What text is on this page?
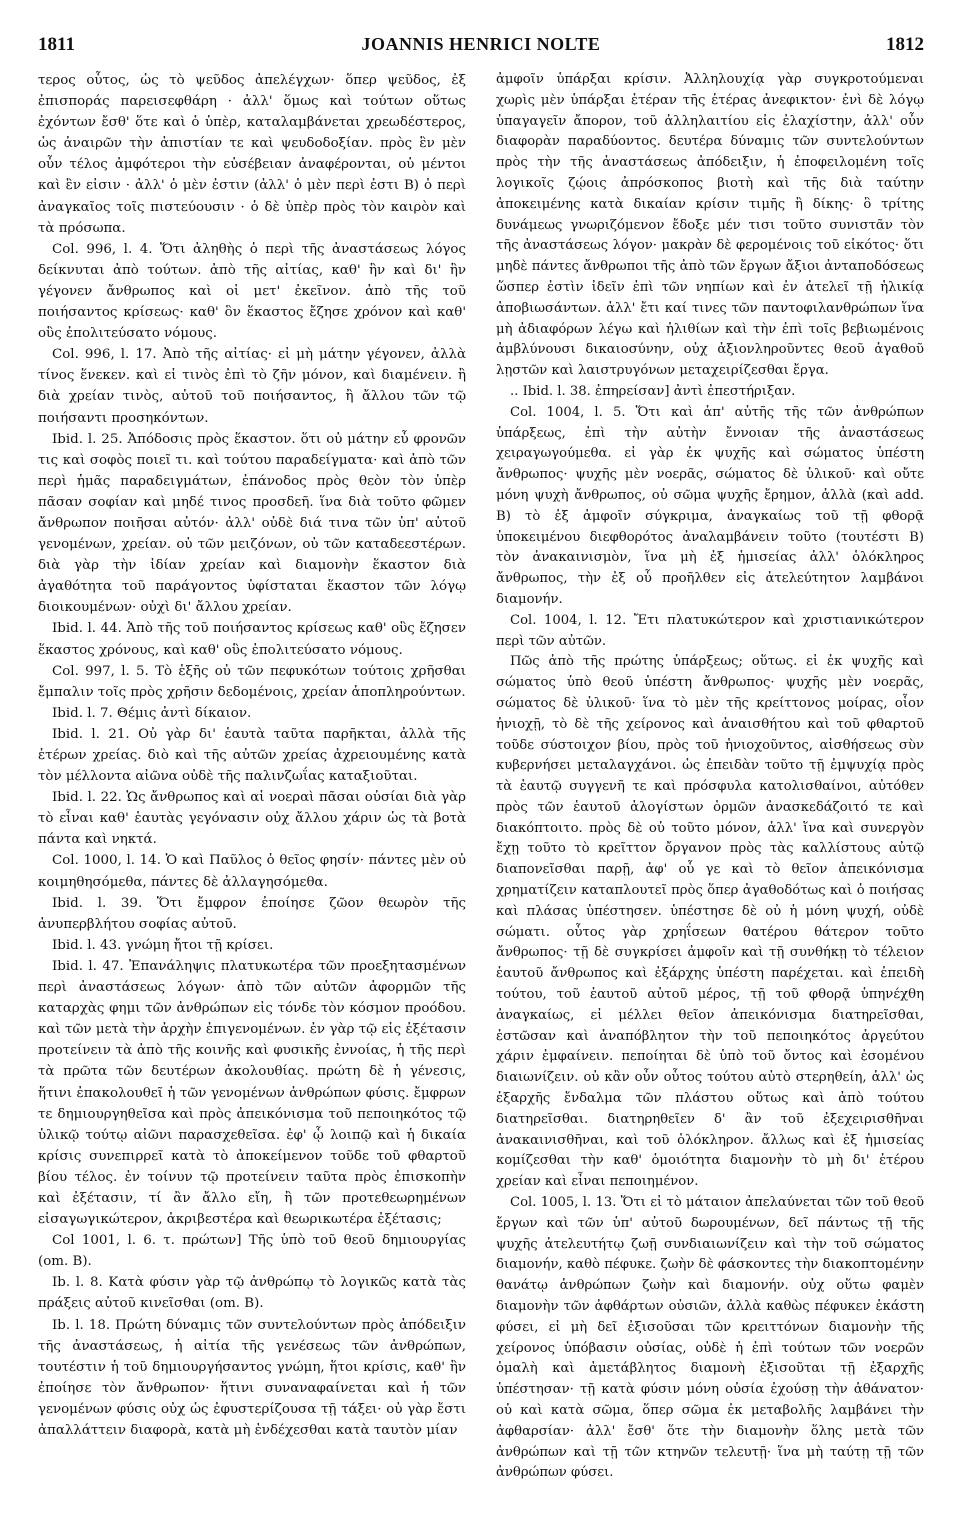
1811	JOANNIS HENRICI NOLTE	1812

τερος οὗτος, ὡς τὸ ψεῦδος ἀπελέγχων· ὅπερ ψεῦδος, ἐξ ἐπισποράς παρεισεφθάρη · ἀλλ' ὅμως καὶ τούτων οὕτως ἐχόντων ἔσθ' ὅτε καὶ ὁ ὑπὲρ, καταλαμβάνεται χρεωδέστερος, ὡς ἀναιρῶν τὴν ἀπιστίαν τε καὶ ψευδοδοξίαν. πρὸς ἓν μὲν οὖν τέλος ἀμφότεροι τὴν εὐσέβειαν ἀναφέρονται, οὐ μέντοι καὶ ἓν εἰσιν · ἀλλ' ὁ μὲν ἐστιν (ἀλλ' ὁ μὲν περὶ ἐστι B) ὁ περὶ ἀναγκαῖος τοῖς πιστεύουσιν · ὁ δὲ ὑπὲρ πρὸς τὸν καιρὸν καὶ τὰ πρόσωπα.

Col. 996, l. 4. Ὅτι ἀληθὴς ὁ περὶ τῆς ἀναστάσεως λόγος δείκνυται ἀπὸ τούτων. ἀπὸ τῆς αἰτίας, καθ' ἣν καὶ δι' ἣν γέγονεν ἄνθρωπος καὶ οἱ μετ' ἐκεῖνον. ἀπὸ τῆς τοῦ ποιήσαντος κρίσεως· καθ' ὃν ἕκαστος ἔζησε χρόνον καὶ καθ' οὓς ἐπολιτεύσατο νόμους.

Col. 996, l. 17. Ἀπὸ τῆς αἰτίας· εἰ μὴ μάτην γέγονεν, ἀλλὰ τίνος ἕνεκεν. καὶ εἰ τινὸς ἐπὶ τὸ ζῆν μόνον, καὶ διαμένειν. ἢ διὰ χρείαν τινὸς, αὐτοῦ τοῦ ποιήσαντος, ἢ ἄλλου τῶν τῷ ποιήσαντι προσηκόντων.

Ibid. l. 25. Ἀπόδοσις πρὸς ἕκαστον. ὅτι οὐ μάτην εὖ φρονῶν τις καὶ σοφὸς ποιεῖ τι. καὶ τούτου παραδείγματα· καὶ ἀπὸ τῶν περὶ ἡμᾶς παραδειγμάτων, ἐπάνοδος πρὸς θεὸν τὸν ὑπὲρ πᾶσαν σοφίαν καὶ μηδέ τινος προσδεῆ. ἵνα διὰ τοῦτο φῶμεν ἄνθρωπον ποιῆσαι αὐτόν· ἀλλ' οὐδὲ διά τινα τῶν ὑπ' αὐτοῦ γενομένων, χρείαν. οὐ τῶν μειζόνων, οὐ τῶν καταδεεστέρων. διὰ γὰρ τὴν ἰδίαν χρείαν καὶ διαμονὴν ἕκαστον διὰ ἀγαθότητα τοῦ παράγοντος ὑφίσταται ἕκαστον τῶν λόγῳ διοικουμένων· οὐχὶ δι' ἄλλου χρείαν.

Ibid. l. 44. Ἀπὸ τῆς τοῦ ποιήσαντος κρίσεως καθ' οὓς ἔζησεν ἕκαστος χρόνους, καὶ καθ' οὓς ἐπολιτεύσατο νόμους.

Col. 997, l. 5. Τὸ ἑξῆς οὐ τῶν πεφυκότων τούτοις χρῆσθαι ἔμπαλιν τοῖς πρὸς χρῆσιν δεδομένοις, χρείαν ἀποπληρούντων.

Ibid. l. 7. Θέμις ἀντὶ δίκαιον.

Ibid. l. 21. Οὐ γὰρ δι' ἑαυτὰ ταῦτα παρῆκται, ἀλλὰ τῆς ἑτέρων χρείας. διὸ καὶ τῆς αὐτῶν χρείας ἀχρειουμένης κατὰ τὸν μέλλοντα αἰῶνα οὐδὲ τῆς παλινζωΐας καταξιοῦται.

Ibid. l. 22. Ὡς ἄνθρωπος καὶ αἱ νοεραὶ πᾶσαι οὐσίαι διὰ γὰρ τὸ εἶναι καθ' ἑαυτὰς γεγόνασιν οὐχ ἄλλου χάριν ὡς τὰ βοτὰ πάντα καὶ νηκτά.

Col. 1000, l. 14. Ὁ καὶ Παῦλος ὁ θεῖος φησίν· πάντες μὲν οὐ κοιμηθησόμεθα, πάντες δὲ ἀλλαγησόμεθα.

Ibid. l. 39. Ὅτι ἔμφρον ἐποίησε ζῶον θεωρὸν τῆς ἀνυπερβλήτου σοφίας αὐτοῦ.

Ibid. l. 43. γνώμη ἤτοι τῇ κρίσει.

Ibid. l. 47. Ἐπανάληψις πλατυκωτέρα τῶν προεξητασμένων περὶ ἀναστάσεως λόγων· ἀπὸ τῶν αὐτῶν ἀφορμῶν τῆς καταρχὰς φημι τῶν ἀνθρώπων εἰς τόνδε τὸν κόσμον προόδου. καὶ τῶν μετὰ τὴν ἀρχὴν ἐπιγενομένων. ἐν γὰρ τῷ εἰς ἐξέτασιν προτείνειν τὰ ἀπὸ τῆς κοινῆς καὶ φυσικῆς ἐννοίας, ἡ τῆς περὶ τὰ πρῶτα τῶν δευτέρων ἀκολουθίας. πρώτη δὲ ἡ γένεσις, ἥτινι ἐπακολουθεῖ ἡ τῶν γενομένων ἀνθρώπων φύσις. ἔμφρων τε δημιουργηθεῖσα καὶ πρὸς ἀπεικόνισμα τοῦ πεποιηκότος τῷ ὑλικῷ τούτῳ αἰῶνι παρασχεθεῖσα. ἐφ' ᾧ λοιπῷ καὶ ἡ δικαία κρίσις συνεπιρρεῖ κατὰ τὸ ἀποκείμενον τοῦδε τοῦ φθαρτοῦ βίου τέλος. ἐν τοίνυν τῷ προτείνειν ταῦτα πρὸς ἐπισκοπὴν καὶ ἐξέτασιν, τί ἂν ἄλλο εἴη, ἢ τῶν προτεθεωρημένων εἰσαγωγικώτερον, ἀκριβεστέρα καὶ θεωρικωτέρα ἐξέτασις;

Col 1001, l. 6. τ. πρώτων] Τῆς ὑπὸ τοῦ θεοῦ δημιουργίας (om. B).

Ib. l. 8. Κατὰ φύσιν γὰρ τῷ ἀνθρώπῳ τὸ λογικῶς κατὰ τὰς πράξεις αὐτοῦ κινεῖσθαι (om. B).

Ib. l. 18. Πρώτη δύναμις τῶν συντελούντων πρὸς ἀπόδειξιν τῆς ἀναστάσεως, ἡ αἰτία τῆς γενέσεως τῶν ἀνθρώπων, τουτέστιν ἡ τοῦ δημιουργήσαντος γνώμη, ἥτοι κρίσις, καθ' ἣν ἐποίησε τὸν ἄνθρωπον· ἥτινι συναναφαίνεται καὶ ἡ τῶν γενομένων φύσις οὐχ ὡς ἐφυστερίζουσα τῇ τάξει· οὐ γὰρ ἔστι ἀπαλλάττειν διαφορὰ, κατὰ μὴ ἐνδέχεσθαι κατὰ ταυτὸν μίαν

ἀμφοῖν ὑπάρξαι κρίσιν. Ἀλληλουχίᾳ γὰρ συγκροτούμεναι χωρὶς μὲν ὑπάρξαι ἑτέραν τῆς ἑτέρας ἀνεφικτον· ἐνὶ δὲ λόγῳ ὑπαγαγεῖν ἄπορον, τοῦ ἀλληλαιτίου εἰς ἐλαχίστην, ἀλλ' οὖν διαφορὰν παραδύοντος. δευτέρα δύναμις τῶν συντελούντων πρὸς τὴν τῆς ἀναστάσεως ἀπόδειξιν, ἡ ἐποφειλομένη τοῖς λογικοῖς ζῴοις ἀπρόσκοπος βιοτὴ καὶ τῆς διὰ ταύτην ἀποκειμένης κατὰ δικαίαν κρίσιν τιμῆς ἢ δίκης· ὃ τρίτης δυνάμεως γνωριζόμενον ἔδοξε μέν τισι τοῦτο συνιστᾶν τὸν τῆς ἀναστάσεως λόγον· μακρὰν δὲ φερομένοις τοῦ εἰκότος· ὅτι μηδὲ πάντες ἄνθρωποι τῆς ἀπὸ τῶν ἔργων ἄξιοι ἀνταποδόσεως ὥσπερ ἐστὶν ἰδεῖν ἐπὶ τῶν νηπίων καὶ ἐν ἀτελεῖ τῇ ἡλικίᾳ ἀποβιωσάντων. ἀλλ' ἔτι καί τινες τῶν παντοφιλανθρώπων ἵνα μὴ ἀδιαφόρων λέγω καὶ ἠλιθίων καὶ τὴν ἐπὶ τοῖς βεβιωμένοις ἀμβλύνουσι δικαιοσύνην, οὐχ ἀξιονληροῦντες θεοῦ ἀγαθοῦ λῃστῶν καὶ λαιστρυγόνων μεταχειρίζεσθαι ἔργα.

.. Ibid. l. 38. ἐπηρείσαν] ἀντὶ ἐπεστήριξαν.

Col. 1004, l. 5. Ὅτι καὶ ἀπ' αὐτῆς τῆς τῶν ἀνθρώπων ὑπάρξεως, ἐπὶ τὴν αὐτὴν ἔννοιαν τῆς ἀναστάσεως χειραγωγούμεθα. εἰ γὰρ ἐκ ψυχῆς καὶ σώματος ὑπέστη ἄνθρωπος· ψυχῆς μὲν νοερᾶς, σώματος δὲ ὑλικοῦ· καὶ οὔτε μόνη ψυχὴ ἄνθρωπος, οὐ σῶμα ψυχῆς ἔρημον, ἀλλὰ (καὶ add. B) τὸ ἐξ ἀμφοῖν σύγκριμα, ἀναγκαίως τοῦ τῇ φθορᾷ ὑποκειμένου διεφθορότος ἀναλαμβάνειν τοῦτο (τουτέστι B) τὸν ἀνακαινισμὸν, ἵνα μὴ ἐξ ἡμισείας ἀλλ' ὁλόκληρος ἄνθρωπος, τὴν ἐξ οὗ προῆλθεν εἰς ἀτελεύτητον λαμβάνοι διαμονήν.

Col. 1004, l. 12. Ἔτι πλατυκώτερον καὶ χριστιανικώτερον περὶ τῶν αὐτῶν.

Πῶς ἀπὸ τῆς πρώτης ὑπάρξεως; οὕτως. εἰ ἐκ ψυχῆς καὶ σώματος ὑπὸ θεοῦ ὑπέστη ἄνθρωπος· ψυχῆς μὲν νοερᾶς, σώματος δὲ ὑλικοῦ· ἵνα τὸ μὲν τῆς κρείττονος μοίρας, οἷον ἡνιοχῇ, τὸ δὲ τῆς χείρονος καὶ ἀναισθήτου καὶ τοῦ φθαρτοῦ τοῦδε σύστοιχον βίου, πρὸς τοῦ ἡνιοχοῦντος, αἰσθήσεως σὺν κυβερνήσει μεταλαγχάνοι. ὡς ἐπειδὰν τοῦτο τῇ ἐμψυχίᾳ πρὸς τὰ ἑαυτῷ συγγενῆ τε καὶ πρόσφυλα κατολισθαίνοι, αὐτόθεν πρὸς τῶν ἑαυτοῦ ἀλογίστων ὁρμῶν ἀνασκεδάζοιτό τε καὶ διακόπτοιτο. πρὸς δὲ οὐ τοῦτο μόνον, ἀλλ' ἵνα καὶ συνεργὸν ἔχῃ τοῦτο τὸ κρεῖττον ὄργανον πρὸς τὰς καλλίστους αὐτῷ διαπονεῖσθαι παρῇ, ἀφ' οὗ γε καὶ τὸ θεῖον ἀπεικόνισμα χρηματίζειν καταπλουτεῖ πρὸς ὅπερ ἀγαθοδότως καὶ ὁ ποιήσας καὶ πλάσας ὑπέστησεν. ὑπέστησε δὲ οὐ ἡ μόνη ψυχή, οὐδὲ σώματι. οὗτος γὰρ χρηΐσεων θατέρου θάτερον τοῦτο ἄνθρωπος· τῇ δὲ συγκρίσει ἀμφοῖν καὶ τῇ συνθήκῃ τὸ τέλειον ἑαυτοῦ ἄνθρωπος καὶ ἐξάρχης ὑπέστη παρέχεται. καὶ ἐπειδὴ τούτου, τοῦ ἑαυτοῦ αὐτοῦ μέρος, τῇ τοῦ φθορᾷ ὑπηνέχθη ἀναγκαίως, εἰ μέλλει θεῖον ἀπεικόνισμα διατηρεῖσθαι, ἐστῶσαν καὶ ἀναπόβλητον τὴν τοῦ πεποιηκότος ἀργεύτου χάριν ἐμφαίνειν. πεποίηται δὲ ὑπὸ τοῦ ὄντος καὶ ἐσομένου διαιωνίζειν. οὐ κἂν οὖν οὗτος τούτου αὐτὸ στερηθείη, ἀλλ' ὡς ἐξαρχῆς ἔνδαλμα τῶν πλάστου οὕτως καὶ ἀπὸ τούτου διατηρεῖσθαι. διατηρηθεῖεν δ' ἂν τοῦ ἐξεχειρισθῆναι ἀνακαινισθῆναι, καὶ τοῦ ὁλόκληρον. ἄλλως καὶ ἐξ ἡμισείας κομίζεσθαι τὴν καθ' ὁμοιότητα διαμονὴν τὸ μὴ δι' ἑτέρου χρείαν καὶ εἶναι πεποιημένον.

Col. 1005, l. 13. Ὅτι εἰ τὸ μάταιον ἀπελαύνεται τῶν τοῦ θεοῦ ἔργων καὶ τῶν ὑπ' αὐτοῦ δωρουμένων, δεῖ πάντως τῇ τῆς ψυχῆς ἀτελευτήτῳ ζωῇ συνδιαιωνίζειν καὶ τὴν τοῦ σώματος διαμονήν, καθὸ πέφυκε. ζωὴν δὲ φάσκοντες τὴν διακοπτομένην θανάτῳ ἀνθρώπων ζωὴν καὶ διαμονήν. οὐχ οὕτω φαμὲν διαμονὴν τῶν ἀφθάρτων οὐσιῶν, ἀλλὰ καθὼς πέφυκεν ἑκάστη φύσει, εἰ μὴ δεῖ ἐξισοῦσαι τῶν κρειττόνων διαμονὴν τῆς χείρονος ὑπόβασιν οὐσίας, οὐδὲ ἡ ἐπὶ τούτων τῶν νοερῶν ὁμαλὴ καὶ ἀμετάβλητος διαμονὴ ἐξισοῦται τῇ ἐξαρχῆς ὑπέστησαν· τῇ κατὰ φύσιν μόνη οὐσία ἐχούσῃ τὴν ἀθάνατον· οὐ καὶ κατὰ σῶμα, ὅπερ σῶμα ἐκ μεταβολῆς λαμβάνει τὴν ἀφθαρσίαν· ἀλλ' ἔσθ' ὅτε τὴν διαμονὴν ὅλης μετὰ τῶν ἀνθρώπων καὶ τῇ τῶν κτηνῶν τελευτῇ· ἵνα μὴ ταύτῃ τῇ τῶν ἀνθρώπων φύσει.
